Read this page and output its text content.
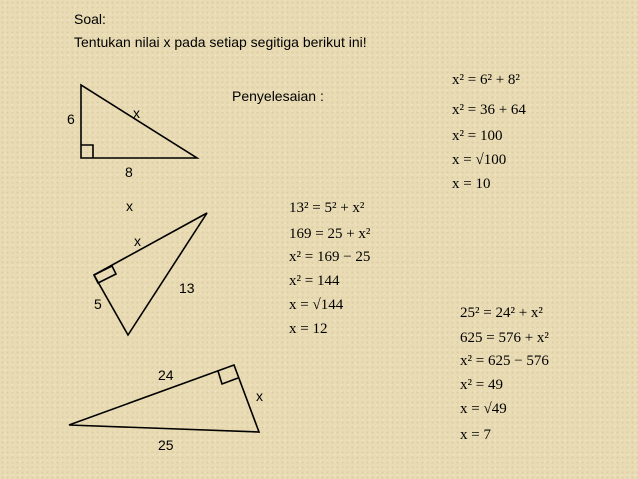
Soal:
Tentukan nilai x pada setiap segitiga berikut ini!
Penyelesaian :
6	x
8
x
x
13
5
24
x
25
x² = 6² + 8²
x² = 36 + 64
x² = 100
x = √100
x = 10
13² = 5² + x²
169 = 25 + x²
x² = 169 − 25
x² = 144
x = √144
x = 12
25² = 24² + x²
625 = 576 + x²
x² = 625 − 576
x² = 49
x = √49
x = 7
